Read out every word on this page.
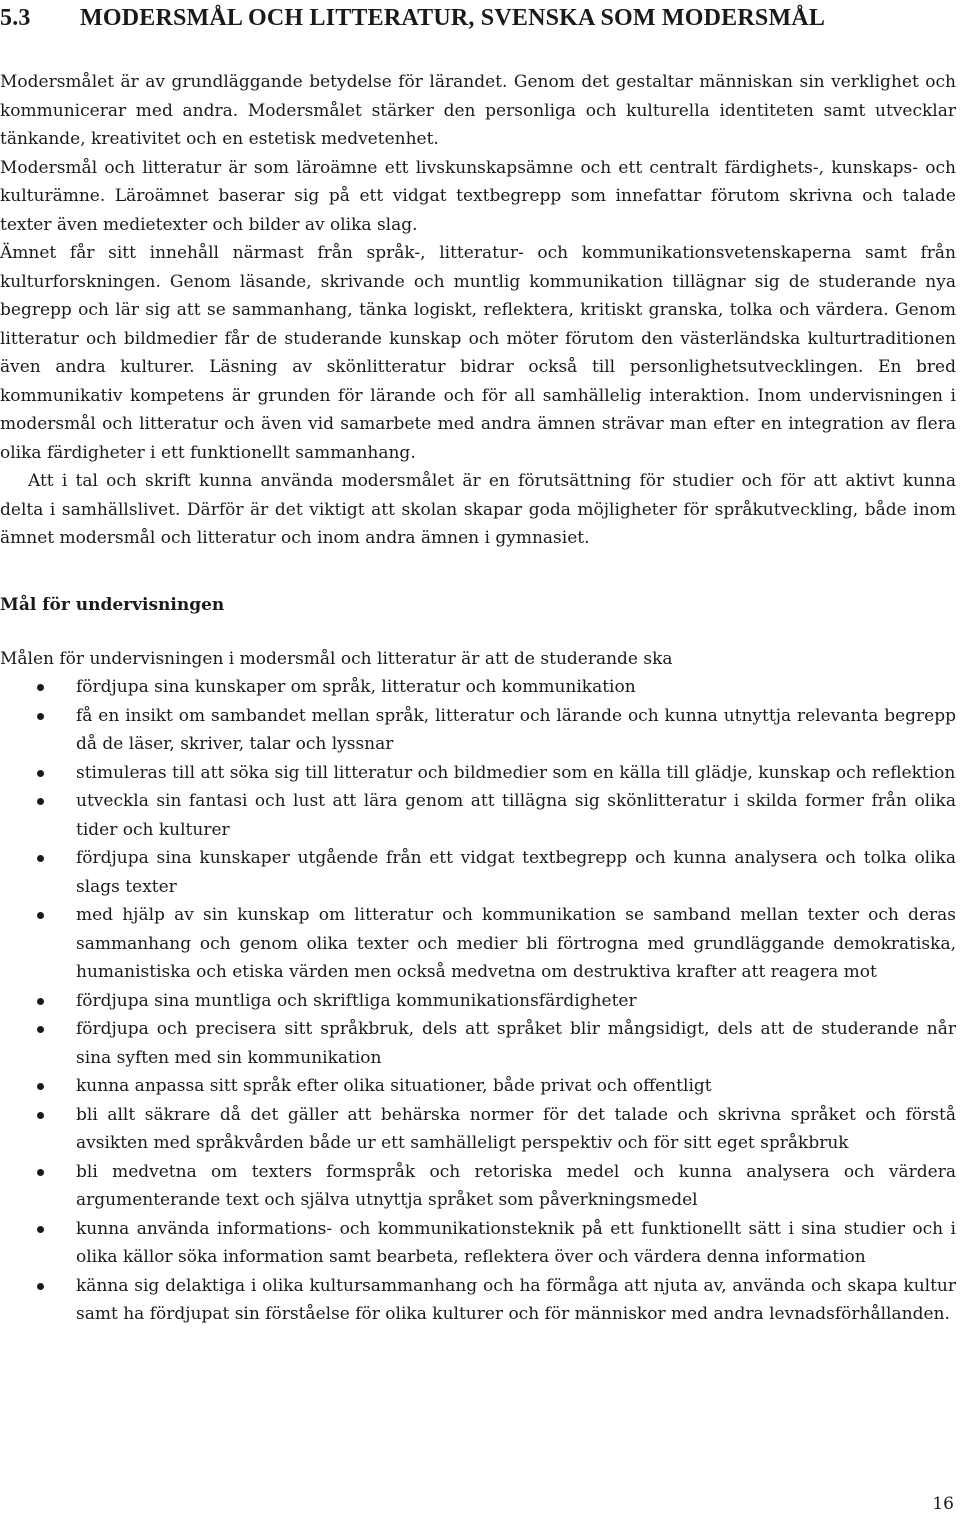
5.3 MODERSMÅL OCH LITTERATUR, SVENSKA SOM MODERSMÅL

Modersmålet är av grundläggande betydelse för lärandet. Genom det gestaltar människan sin verklighet och kommunicerar med andra. Modersmålet stärker den personliga och kulturella identiteten samt utvecklar tänkande, kreativitet och en estetisk medvetenhet.

Modersmål och litteratur är som läroämne ett livskunskapsämne och ett centralt färdighets-, kunskaps- och kulturämne. Läroämnet baserar sig på ett vidgat textbegrepp som innefattar förutom skrivna och talade texter även medietexter och bilder av olika slag.

Ämnet får sitt innehåll närmast från språk-, litteratur- och kommunikationsvetenskaperna samt från kulturforskningen. Genom läsande, skrivande och muntlig kommunikation tillägnar sig de studerande nya begrepp och lär sig att se sammanhang, tänka logiskt, reflektera, kritiskt granska, tolka och värdera. Genom litteratur och bildmedier får de studerande kunskap och möter förutom den västerländska kulturtraditionen även andra kulturer. Läsning av skönlitteratur bidrar också till personlighetsutvecklingen. En bred kommunikativ kompetens är grunden för lärande och för all samhällelig interaktion. Inom undervisningen i modersmål och litteratur och även vid samarbete med andra ämnen strävar man efter en integration av flera olika färdigheter i ett funktionellt sammanhang.

Att i tal och skrift kunna använda modersmålet är en förutsättning för studier och för att aktivt kunna delta i samhällslivet. Därför är det viktigt att skolan skapar goda möjligheter för språkutveckling, både inom ämnet modersmål och litteratur och inom andra ämnen i gymnasiet.

Mål för undervisningen

Målen för undervisningen i modersmål och litteratur är att de studerande ska

fördjupa sina kunskaper om språk, litteratur och kommunikation
få en insikt om sambandet mellan språk, litteratur och lärande och kunna utnyttja relevanta begrepp då de läser, skriver, talar och lyssnar
stimuleras till att söka sig till litteratur och bildmedier som en källa till glädje, kunskap och reflektion
utveckla sin fantasi och lust att lära genom att tillägna sig skönlitteratur i skilda former från olika tider och kulturer
fördjupa sina kunskaper utgående från ett vidgat textbegrepp och kunna analysera och tolka olika slags texter
med hjälp av sin kunskap om litteratur och kommunikation se samband mellan texter och deras sammanhang och genom olika texter och medier bli förtrogna med grundläggande demokratiska, humanistiska och etiska värden men också medvetna om destruktiva krafter att reagera mot
fördjupa sina muntliga och skriftliga kommunikationsfärdigheter
fördjupa och precisera sitt språkbruk, dels att språket blir mångsidigt, dels att de studerande når sina syften med sin kommunikation
kunna anpassa sitt språk efter olika situationer, både privat och offentligt
bli allt säkrare då det gäller att behärska normer för det talade och skrivna språket och förstå avsikten med språkvården både ur ett samhälleligt perspektiv och för sitt eget språkbruk
bli medvetna om texters formspråk och retoriska medel och kunna analysera och värdera argumenterande text och själva utnyttja språket som påverkningsmedel
kunna använda informations- och kommunikationsteknik på ett funktionellt sätt i sina studier och i olika källor söka information samt bearbeta, reflektera över och värdera denna information
känna sig delaktiga i olika kultursammanhang och ha förmåga att njuta av, använda och skapa kultur samt ha fördjupat sin förståelse för olika kulturer och för människor med andra levnadsförhållanden.
16
